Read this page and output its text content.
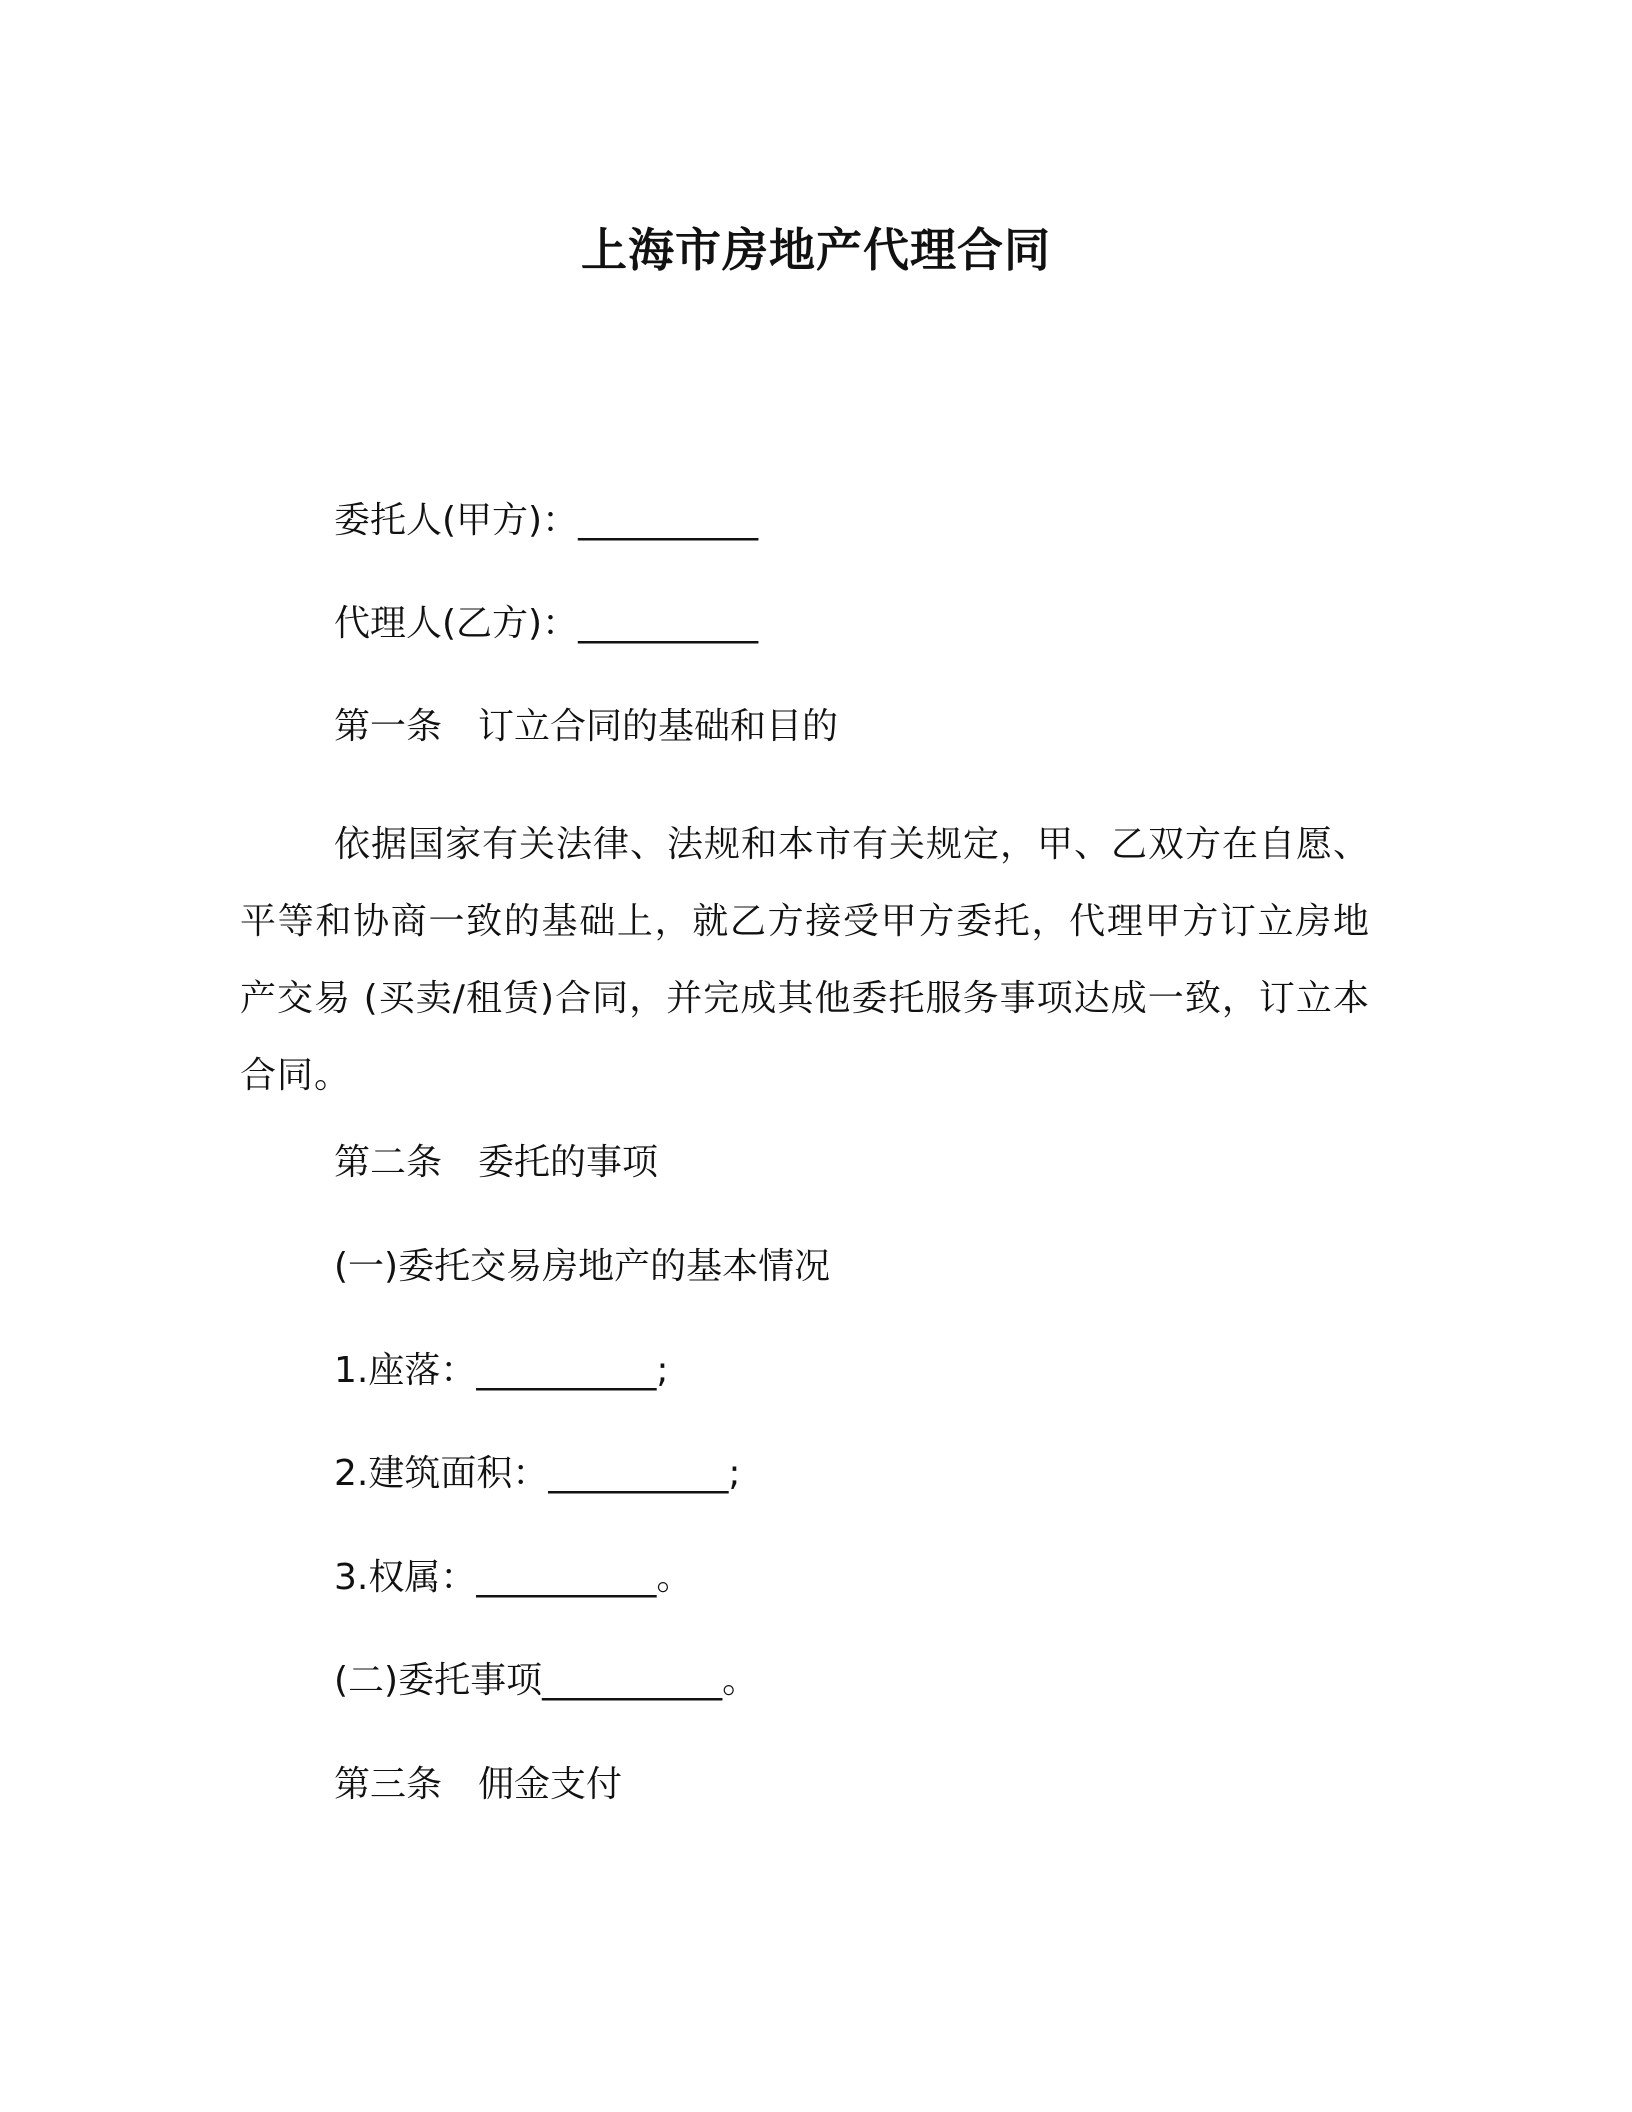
上海市房地产代理合同
委托人(甲方)：__________
代理人(乙方)：__________
第一条　订立合同的基础和目的
依据国家有关法律、法规和本市有关规定，甲、乙双方在自愿、平等和协商一致的基础上，就乙方接受甲方委托，代理甲方订立房地产交易 (买卖/租赁)合同，并完成其他委托服务事项达成一致，订立本合同。
第二条　委托的事项
(一)委托交易房地产的基本情况
1.座落：__________;
2.建筑面积：__________;
3.权属：__________。
(二)委托事项__________。
第三条　佣金支付
